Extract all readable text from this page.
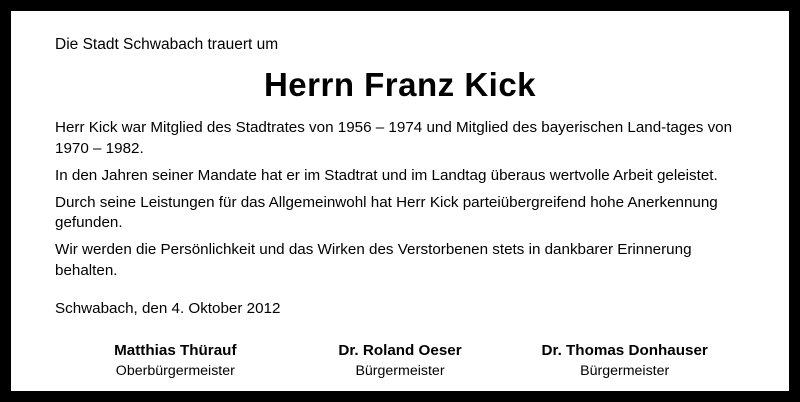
Die Stadt Schwabach trauert um
Herrn Franz Kick

Herr Kick war Mitglied des Stadtrates von 1956 – 1974 und Mitglied des bayerischen Land-tages von 1970 – 1982.

In den Jahren seiner Mandate hat er im Stadtrat und im Landtag überaus wertvolle Arbeit geleistet.

Durch seine Leistungen für das Allgemeinwohl hat Herr Kick parteiübergreifend hohe Anerkennung gefunden.

Wir werden die Persönlichkeit und das Wirken des Verstorbenen stets in dankbarer Erinnerung behalten.

Schwabach, den 4. Oktober 2012
Matthias Thürauf
Oberbürgermeister
Dr. Roland Oeser
Bürgermeister
Dr. Thomas Donhauser
Bürgermeister
